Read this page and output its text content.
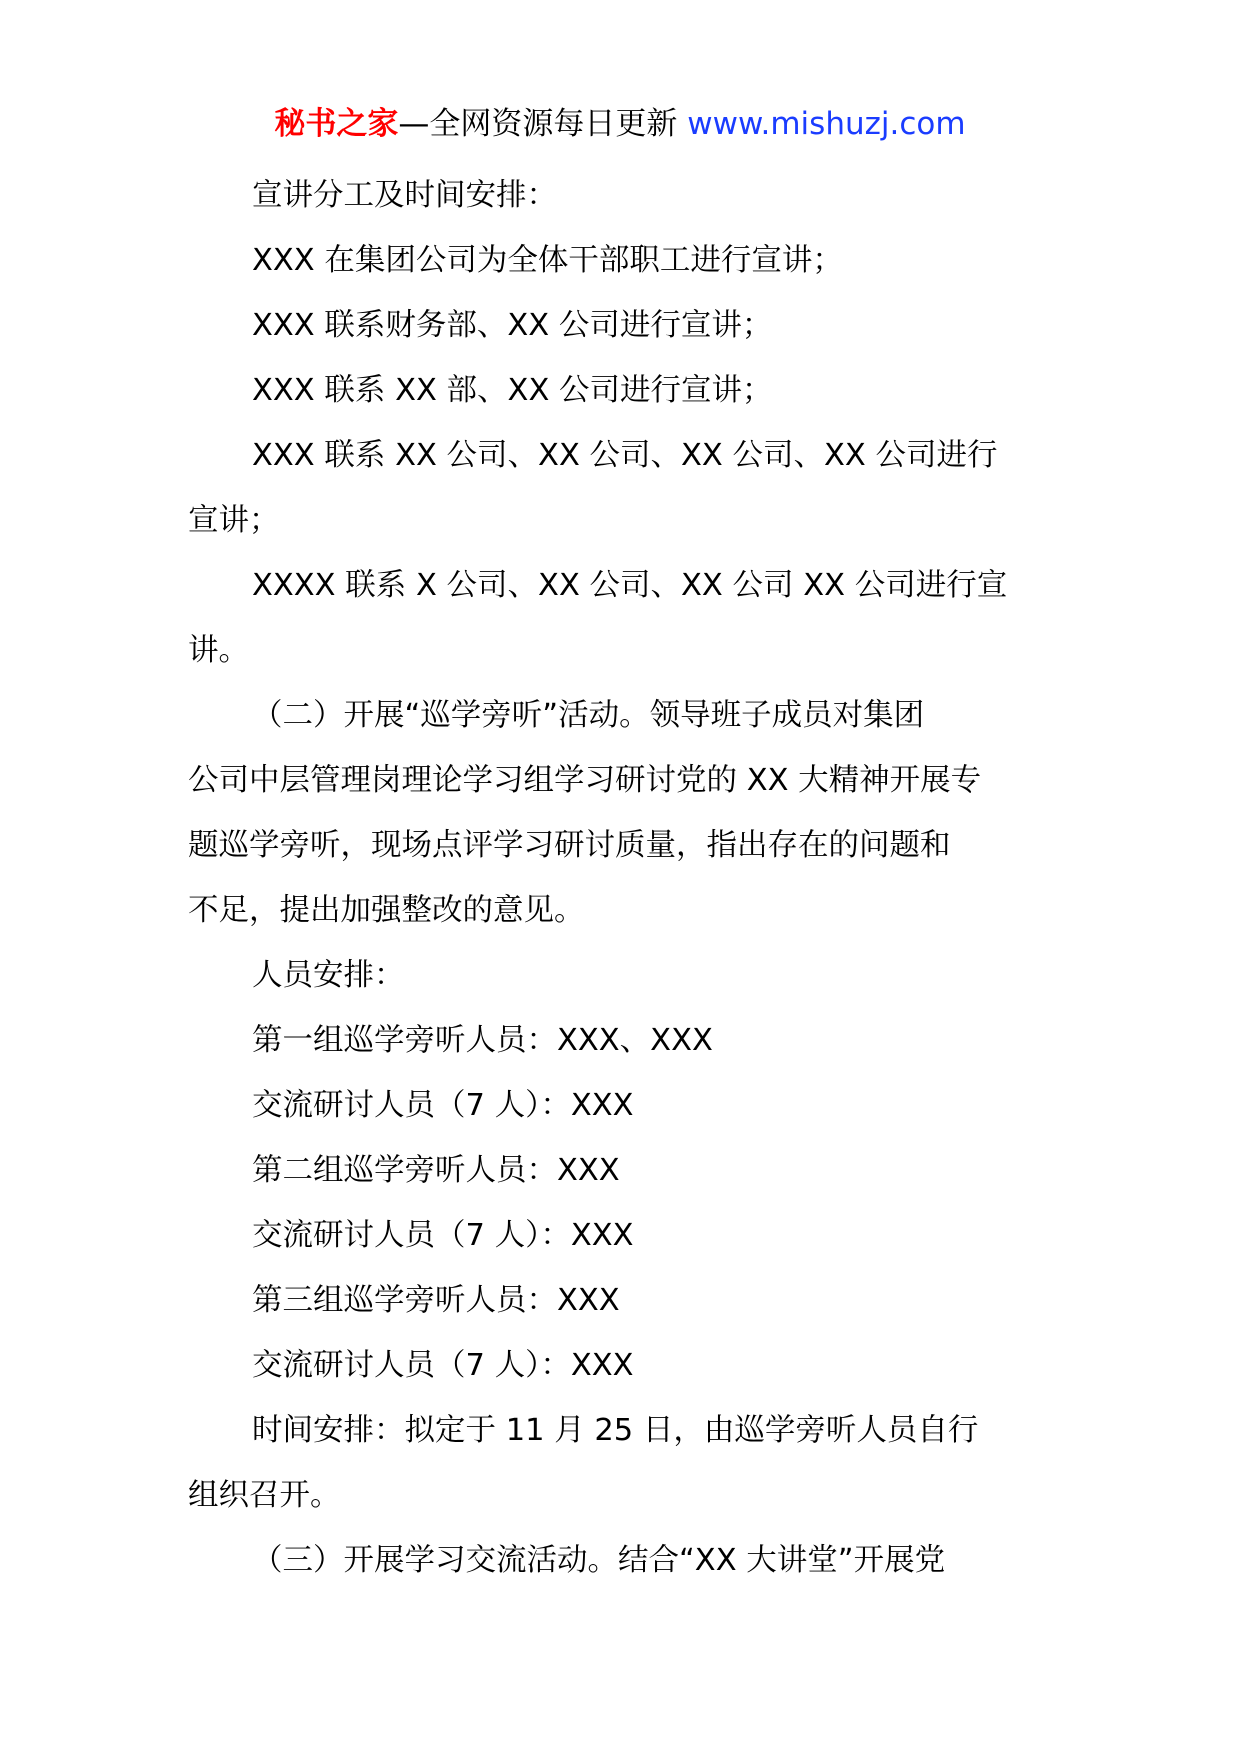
秘书之家—全网资源每日更新 www.mishuzj.com
宣讲分工及时间安排：
XXX 在集团公司为全体干部职工进行宣讲；
XXX 联系财务部、XX 公司进行宣讲；
XXX 联系 XX 部、XX 公司进行宣讲；
XXX 联系 XX 公司、XX 公司、XX 公司、XX 公司进行
宣讲；
XXXX 联系 X 公司、XX 公司、XX 公司 XX 公司进行宣
讲。
（二）开展“巡学旁听”活动。领导班子成员对集团
公司中层管理岗理论学习组学习研讨党的 XX 大精神开展专
题巡学旁听，现场点评学习研讨质量，指出存在的问题和
不足，提出加强整改的意见。
人员安排：
第一组巡学旁听人员：XXX、XXX
交流研讨人员（7 人）：XXX
第二组巡学旁听人员：XXX
交流研讨人员（7 人）：XXX
第三组巡学旁听人员：XXX
交流研讨人员（7 人）：XXX
时间安排：拟定于 11 月 25 日，由巡学旁听人员自行
组织召开。
（三）开展学习交流活动。结合“XX 大讲堂”开展党
